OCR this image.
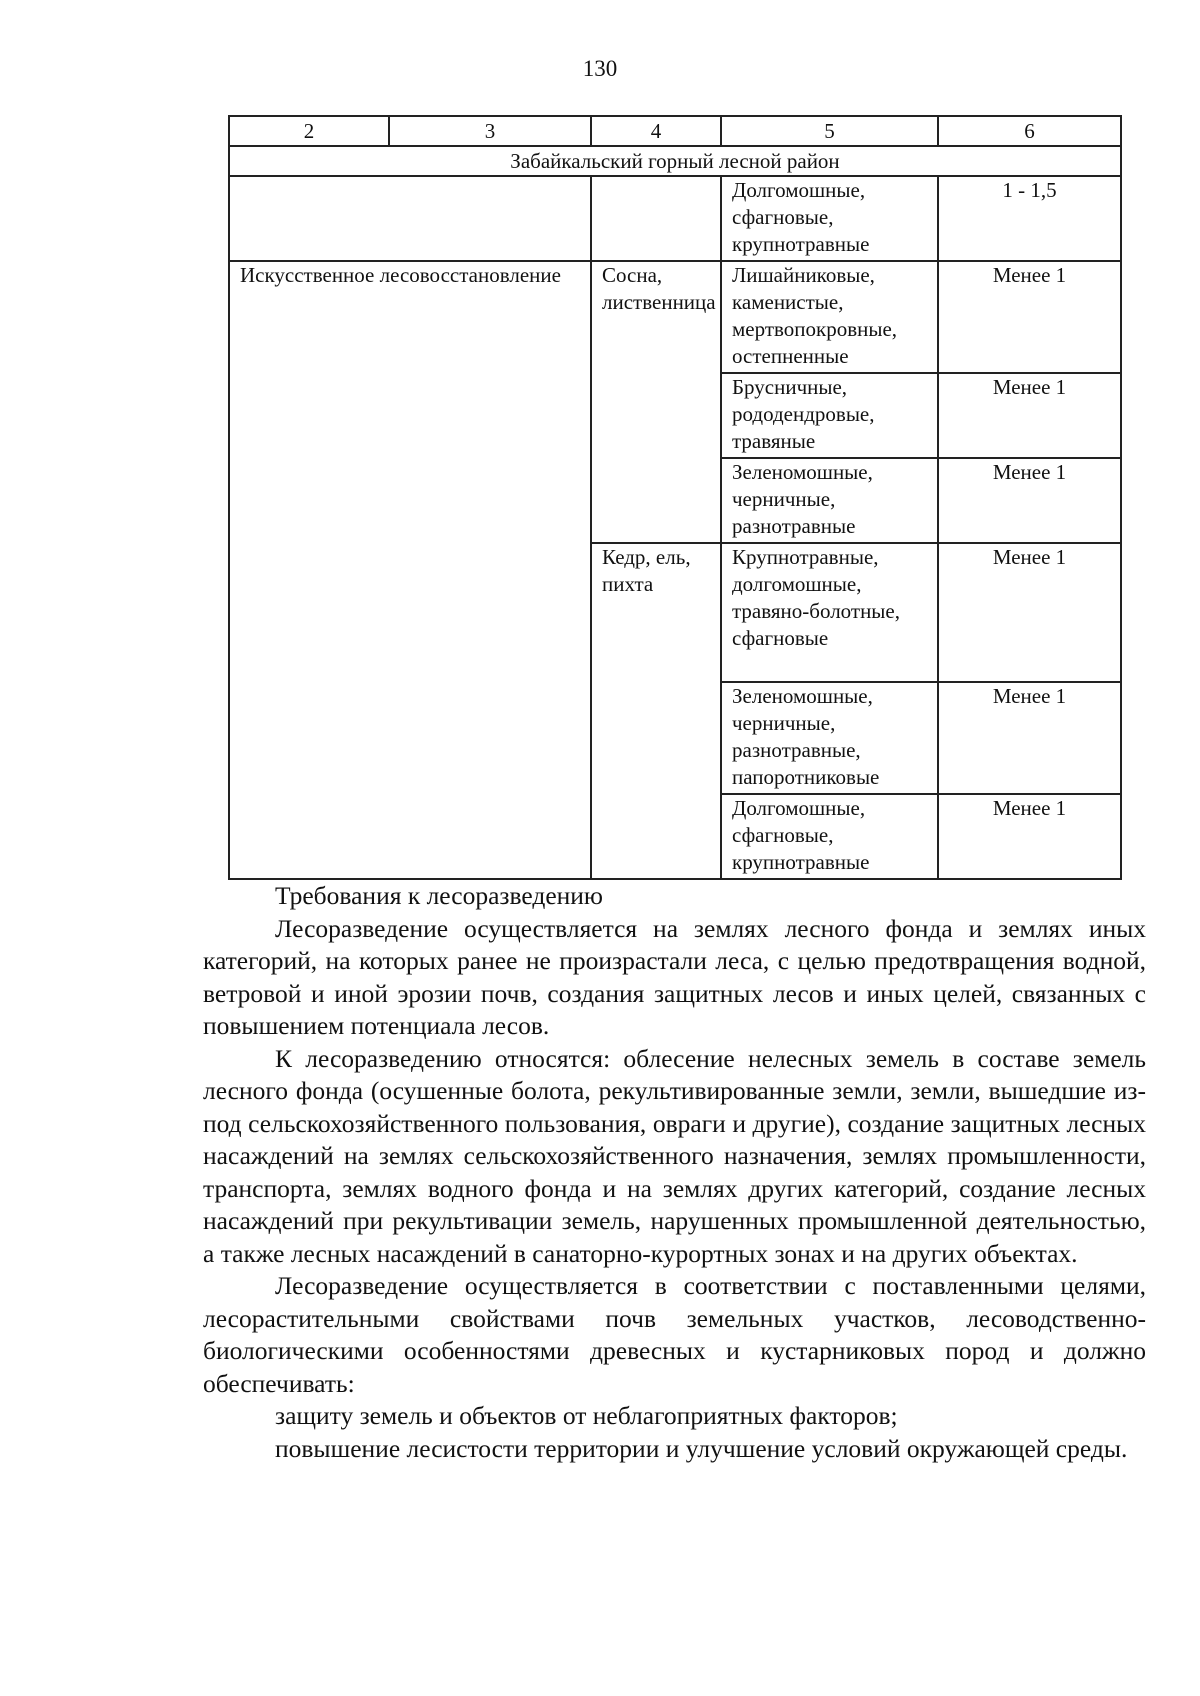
130
2	3	4	5	6
Забайкальский горный лесной район				
			Долгомошные, сфагновые, крупнотравные	1 - 1,5
Искусственное лесовосстановление		Сосна, лиственница	Лишайниковые, каменистые, мертвопокровные, остепненные	Менее 1
			Брусничные, рододендровые, травяные	Менее 1
			Зеленомошные, черничные, разнотравные	Менее 1
		Кедр, ель, пихта	Крупнотравные, долгомошные, травяно-болотные, сфагновые	Менее 1
			Зеленомошные, черничные, разнотравные, папоротниковые	Менее 1
			Долгомошные, сфагновые, крупнотравные	Менее 1

Требования к лесоразведению

Лесоразведение осуществляется на землях лесного фонда и землях иных категорий, на которых ранее не произрастали леса, с целью предотвращения водной, ветровой и иной эрозии почв, создания защитных лесов и иных целей, связанных с повышением потенциала лесов.

К лесоразведению относятся: облесение нелесных земель в составе земель лесного фонда (осушенные болота, рекультивированные земли, земли, вышедшие из-под сельскохозяйственного пользования, овраги и другие), создание защитных лесных насаждений на землях сельскохозяйственного назначения, землях промышленности, транспорта, землях водного фонда и на землях других категорий, создание лесных насаждений при рекультивации земель, нарушенных промышленной деятельностью, а также лесных насаждений в санаторно-курортных зонах и на других объектах.

Лесоразведение осуществляется в соответствии с поставленными целями, лесорастительными свойствами почв земельных участков, лесоводственно-биологическими особенностями древесных и кустарниковых пород и должно обеспечивать:

защиту земель и объектов от неблагоприятных факторов;

повышение лесистости территории и улучшение условий окружающей среды.
